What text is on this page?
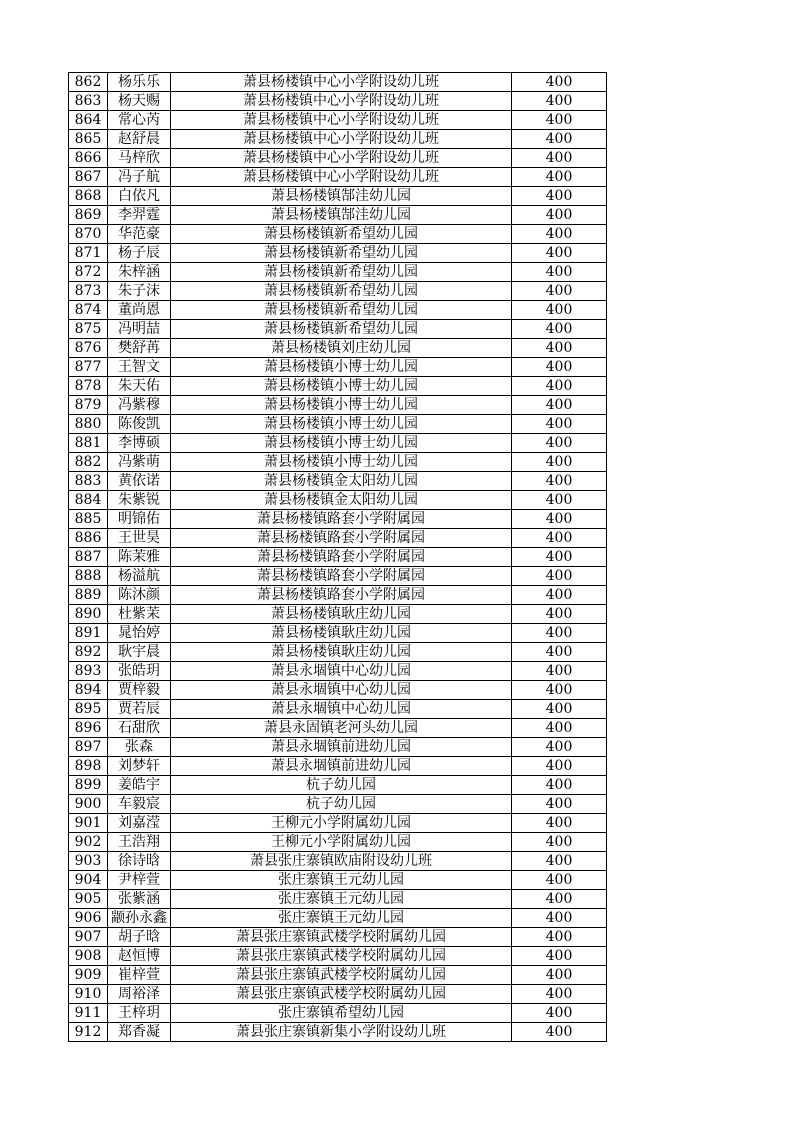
862	杨乐乐	萧县杨楼镇中心小学附设幼儿班	400
863	杨天赐	萧县杨楼镇中心小学附设幼儿班	400
864	常心芮	萧县杨楼镇中心小学附设幼儿班	400
865	赵舒晨	萧县杨楼镇中心小学附设幼儿班	400
866	马梓欣	萧县杨楼镇中心小学附设幼儿班	400
867	冯子航	萧县杨楼镇中心小学附设幼儿班	400
868	白依凡	萧县杨楼镇郜洼幼儿园	400
869	李羿霆	萧县杨楼镇郜洼幼儿园	400
870	华范豪	萧县杨楼镇新希望幼儿园	400
871	杨子辰	萧县杨楼镇新希望幼儿园	400
872	朱梓涵	萧县杨楼镇新希望幼儿园	400
873	朱子沫	萧县杨楼镇新希望幼儿园	400
874	董尚恩	萧县杨楼镇新希望幼儿园	400
875	冯明喆	萧县杨楼镇新希望幼儿园	400
876	樊舒苒	萧县杨楼镇刘庄幼儿园	400
877	王智文	萧县杨楼镇小博士幼儿园	400
878	朱天佑	萧县杨楼镇小博士幼儿园	400
879	冯紫穆	萧县杨楼镇小博士幼儿园	400
880	陈俊凯	萧县杨楼镇小博士幼儿园	400
881	李博硕	萧县杨楼镇小博士幼儿园	400
882	冯紫萌	萧县杨楼镇小博士幼儿园	400
883	黄依诺	萧县杨楼镇金太阳幼儿园	400
884	朱紫锐	萧县杨楼镇金太阳幼儿园	400
885	明锦佑	萧县杨楼镇路套小学附属园	400
886	王世昊	萧县杨楼镇路套小学附属园	400
887	陈茉雅	萧县杨楼镇路套小学附属园	400
888	杨溢航	萧县杨楼镇路套小学附属园	400
889	陈沐颜	萧县杨楼镇路套小学附属园	400
890	杜紫茉	萧县杨楼镇耿庄幼儿园	400
891	晁怡婷	萧县杨楼镇耿庄幼儿园	400
892	耿宇晨	萧县杨楼镇耿庄幼儿园	400
893	张皓玥	萧县永堌镇中心幼儿园	400
894	贾梓毅	萧县永堌镇中心幼儿园	400
895	贾若辰	萧县永堌镇中心幼儿园	400
896	石甜欣	萧县永固镇老河头幼儿园	400
897	张森	萧县永堌镇前进幼儿园	400
898	刘梦轩	萧县永堌镇前进幼儿园	400
899	姜皓宇	杭子幼儿园	400
900	车毅宸	杭子幼儿园	400
901	刘嘉滢	王柳元小学附属幼儿园	400
902	王浩翔	王柳元小学附属幼儿园	400
903	徐诗晗	萧县张庄寨镇欧庙附设幼儿班	400
904	尹梓萱	张庄寨镇王元幼儿园	400
905	张紫涵	张庄寨镇王元幼儿园	400
906	颛孙永鑫	张庄寨镇王元幼儿园	400
907	胡子晗	萧县张庄寨镇武楼学校附属幼儿园	400
908	赵恒博	萧县张庄寨镇武楼学校附属幼儿园	400
909	崔梓萱	萧县张庄寨镇武楼学校附属幼儿园	400
910	周裕泽	萧县张庄寨镇武楼学校附属幼儿园	400
911	王梓玥	张庄寨镇希望幼儿园	400
912	郑香凝	萧县张庄寨镇新集小学附设幼儿班	400
